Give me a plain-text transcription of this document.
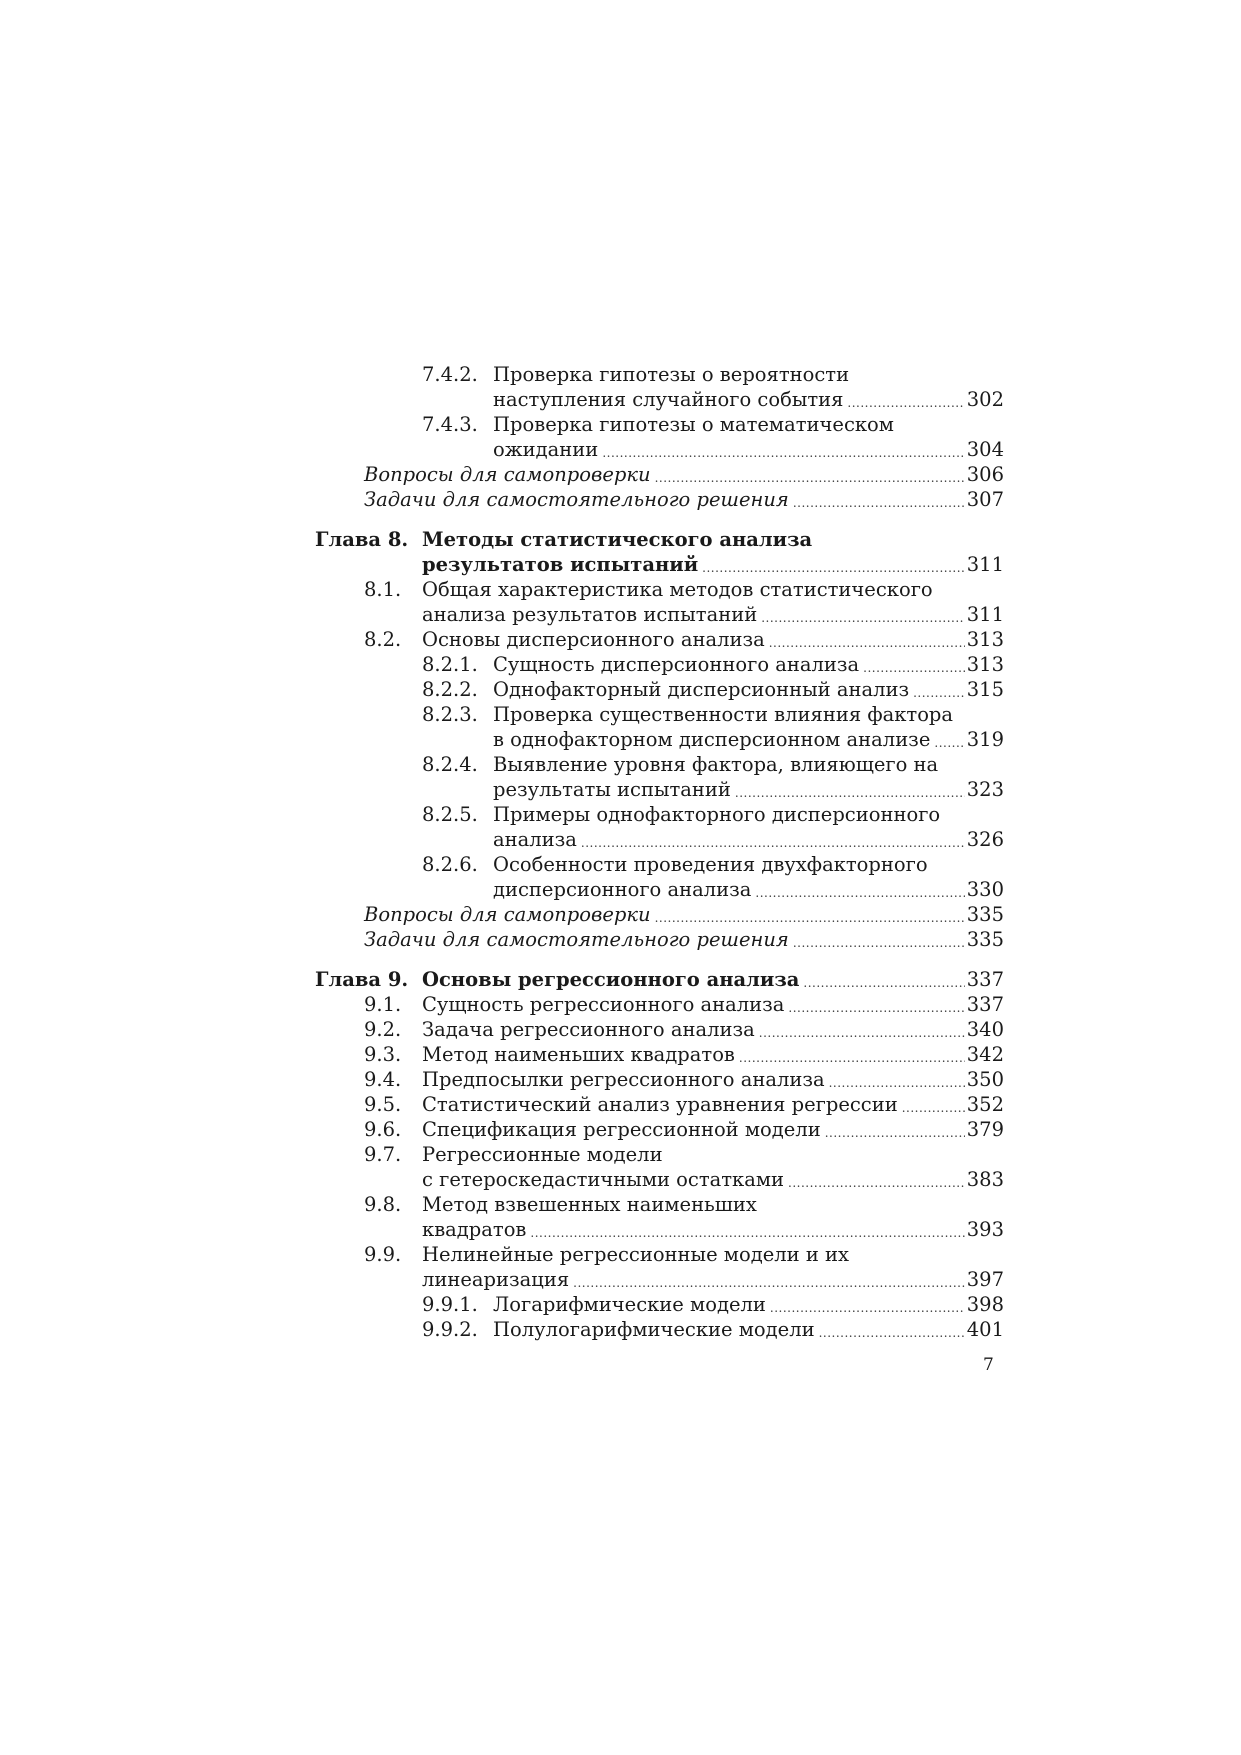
7.4.2. Проверка гипотезы о вероятности
наступления случайного события .....	302
7.4.3. Проверка гипотезы о математическом
ожидании .....	304
Вопросы для самопроверки .....	306
Задачи для самостоятельного решения .....	307
Глава 8. Методы статистического анализа
результатов испытаний .....	311
8.1. Общая характеристика методов статистического
анализа результатов испытаний .....	311
8.2. Основы дисперсионного анализа .....	313
8.2.1. Сущность дисперсионного анализа .....	313
8.2.2. Однофакторный дисперсионный анализ .....	315
8.2.3. Проверка существенности влияния фактора
в однофакторном дисперсионном анализе ..... 319
8.2.4. Выявление уровня фактора, влияющего на
результаты испытаний .....	323
8.2.5. Примеры однофакторного дисперсионного
анализа .....	326
8.2.6. Особенности проведения двухфакторного
дисперсионного анализа .....	330
Вопросы для самопроверки .....	335
Задачи для самостоятельного решения .....	335
Глава 9. Основы регрессионного анализа .....	337
9.1. Сущность регрессионного анализа .....	337
9.2. Задача регрессионного анализа .....	340
9.3. Метод наименьших квадратов .....	342
9.4. Предпосылки регрессионного анализа .....	350
9.5. Статистический анализ уравнения регрессии .....	352
9.6. Спецификация регрессионной модели .....	379
9.7. Регрессионные модели
с гетероскедастичными остатками .....	383
9.8. Метод взвешенных наименьших
квадратов .....	393
9.9. Нелинейные регрессионные модели и их
линеаризация .....	397
9.9.1. Логарифмические модели .....	398
9.9.2. Полулогарифмические модели .....	401
7
